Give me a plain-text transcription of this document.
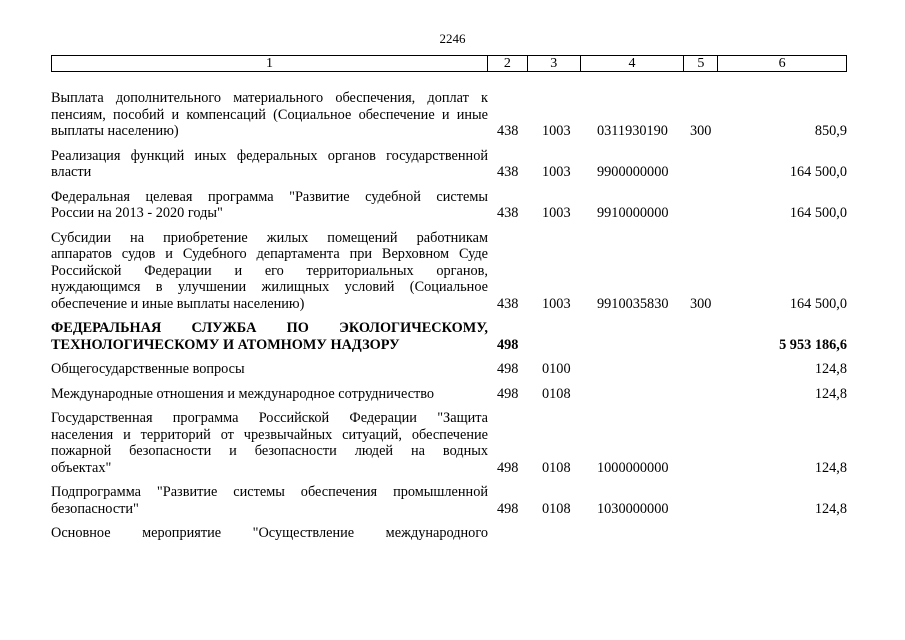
2246
1	2	3	4	5	6
Выплата дополнительного материального обеспечения, доплат к
пенсиям, пособий и компенсаций (Социальное обеспечение и иные
выплаты населению)	438 1003 0311930190 300	850,9
Реализация функций иных федеральных органов государственной
власти	438 1003 9900000000	164 500,0
Федеральная целевая программа "Развитие судебной системы
России на 2013 - 2020 годы"	438 1003 9910000000	164 500,0
Субсидии на приобретение жилых помещений работникам
аппаратов судов и Судебного департамента при Верховном Суде
Российской Федерации и его территориальных органов,
нуждающимся в улучшении жилищных условий (Социальное
обеспечение и иные выплаты населению)	438 1003 9910035830 300	164 500,0
ФЕДЕРАЛЬНАЯ СЛУЖБА ПО ЭКОЛОГИЧЕСКОМУ,
ТЕХНОЛОГИЧЕСКОМУ И АТОМНОМУ НАДЗОРУ	498	5 953 186,6
Общегосударственные вопросы	498 0100	124,8
Международные отношения и международное сотрудничество	498 0108	124,8
Государственная программа Российской Федерации "Защита
населения и территорий от чрезвычайных ситуаций, обеспечение
пожарной безопасности и безопасности людей на водных
объектах"	498 0108 1000000000	124,8
Подпрограмма "Развитие системы обеспечения промышленной
безопасности"	498 0108 1030000000	124,8
Основное мероприятие "Осуществление международного
